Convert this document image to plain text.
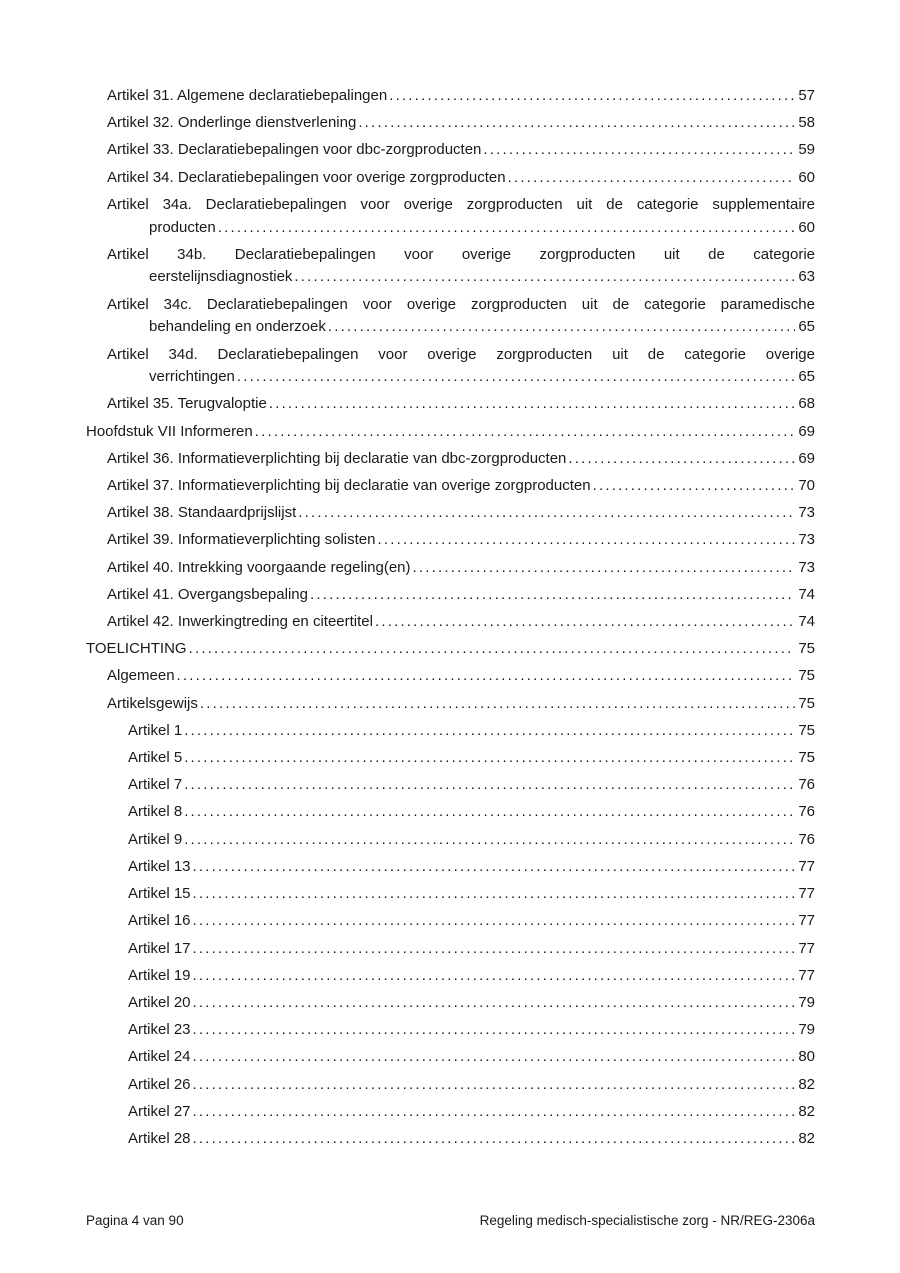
Artikel 31. Algemene declaratiebepalingen .....	57
Artikel 32. Onderlinge dienstverlening .....	58
Artikel 33. Declaratiebepalingen voor dbc-zorgproducten .....	59
Artikel 34. Declaratiebepalingen voor overige zorgproducten .....	60
Artikel 34a. Declaratiebepalingen voor overige zorgproducten uit de categorie supplementaire
producten .....	60
Artikel 34b. Declaratiebepalingen voor overige zorgproducten uit de categorie
eerstelijnsdiagnostiek .....	63
Artikel 34c. Declaratiebepalingen voor overige zorgproducten uit de categorie paramedische
behandeling en onderzoek .....	65
Artikel 34d. Declaratiebepalingen voor overige zorgproducten uit de categorie overige
verrichtingen .....	65
Artikel 35. Terugvaloptie .....	68
Hoofdstuk VII Informeren .....	69
Artikel 36. Informatieverplichting bij declaratie van dbc-zorgproducten .....	69
Artikel 37. Informatieverplichting bij declaratie van overige zorgproducten .....	70
Artikel 38. Standaardprijslijst .....	73
Artikel 39. Informatieverplichting solisten .....	73
Artikel 40. Intrekking voorgaande regeling(en) .....	73
Artikel 41. Overgangsbepaling .....	74
Artikel 42. Inwerkingtreding en citeertitel .....	74
TOELICHTING .....	75
Algemeen .....	75
Artikelsgewijs .....	75
Artikel 1 .....	75
Artikel 5 .....	75
Artikel 7 .....	76
Artikel 8 .....	76
Artikel 9 .....	76
Artikel 13 .....	77
Artikel 15 .....	77
Artikel 16 .....	77
Artikel 17 .....	77
Artikel 19 .....	77
Artikel 20 .....	79
Artikel 23 .....	79
Artikel 24 .....	80
Artikel 26 .....	82
Artikel 27 .....	82
Artikel 28 .....	82
Pagina 4 van 90	Regeling medisch-specialistische zorg - NR/REG-2306a
